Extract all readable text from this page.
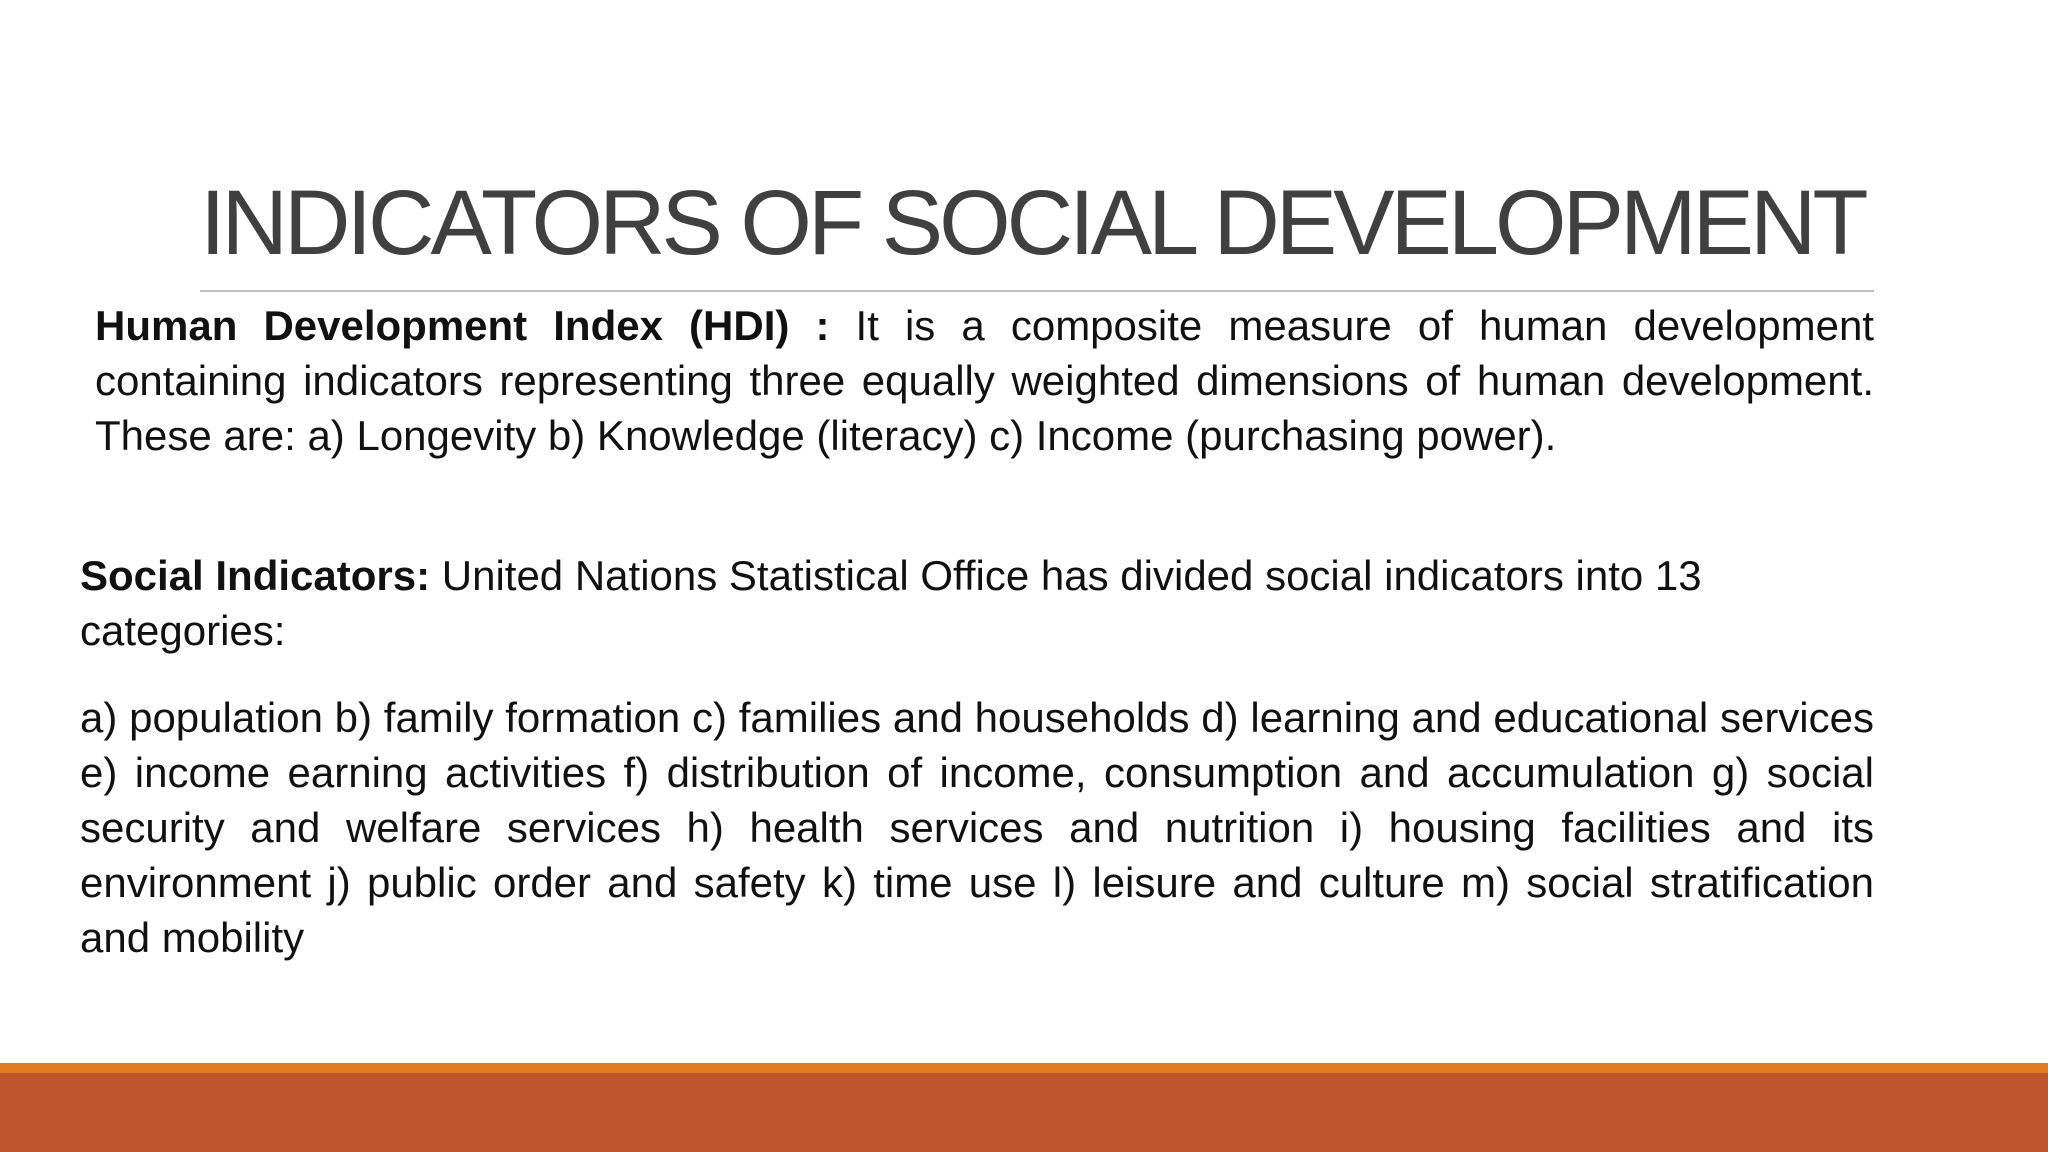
INDICATORS OF SOCIAL DEVELOPMENT

Human Development Index (HDI) : It is a composite measure of human development containing indicators representing three equally weighted dimensions of human development. These are: a) Longevity b) Knowledge (literacy) c) Income (purchasing power).

Social Indicators: United Nations Statistical Office has divided social indicators into 13 categories:

a) population b) family formation c) families and households d) learning and educational services e) income earning activities f) distribution of income, consumption and accumulation g) social security and welfare services h) health services and nutrition i) housing facilities and its environment j) public order and safety k) time use l) leisure and culture m) social stratification and mobility
